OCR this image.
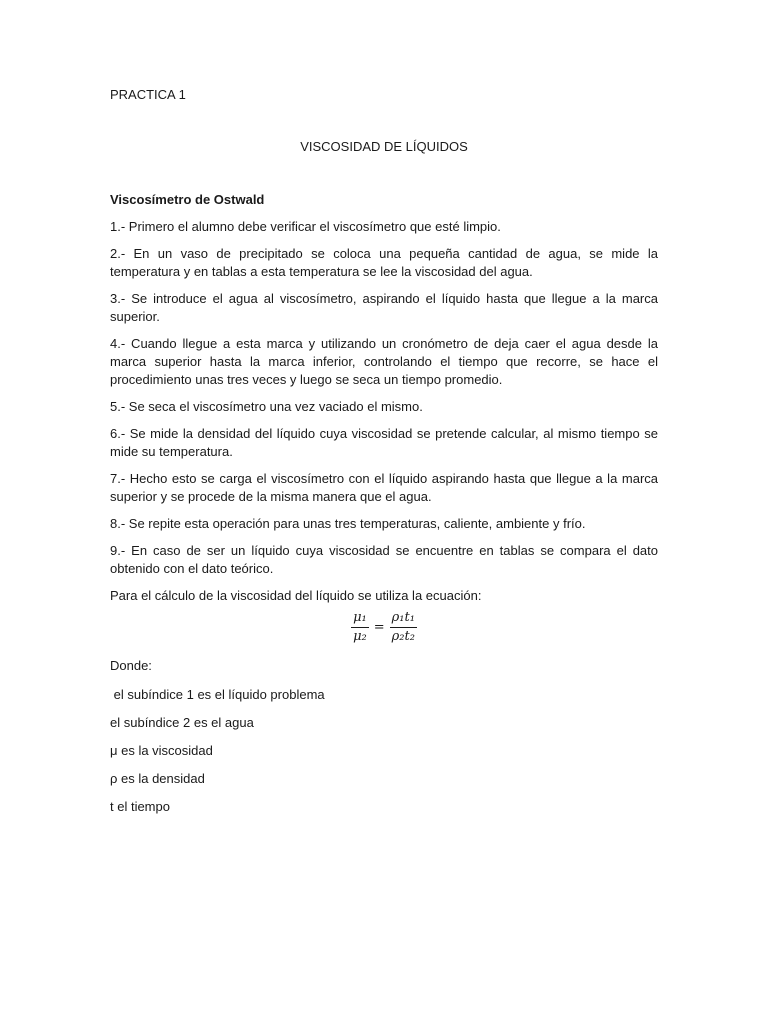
PRACTICA 1

VISCOSIDAD DE LÍQUIDOS

Viscosímetro de Ostwald

1.- Primero el alumno debe verificar el viscosímetro que esté limpio.
2.- En un vaso de precipitado se coloca una pequeña cantidad de agua, se mide la temperatura y en tablas a esta temperatura se lee la viscosidad del agua.
3.- Se introduce el agua al viscosímetro, aspirando el líquido hasta que llegue a la marca superior.
4.- Cuando llegue a esta marca y utilizando un cronómetro de deja caer el agua desde la marca superior hasta la marca inferior, controlando el tiempo que recorre, se hace el procedimiento unas tres veces y luego se seca un tiempo promedio.
5.- Se seca el viscosímetro una vez vaciado el mismo.
6.- Se mide la densidad del líquido cuya viscosidad se pretende calcular, al mismo tiempo se mide su temperatura.
7.- Hecho esto se carga el viscosímetro con el líquido aspirando hasta que llegue a la marca superior y se procede de la misma manera que el agua.
8.- Se repite esta operación para unas tres temperaturas, caliente, ambiente y frío.
9.- En caso de ser un líquido cuya viscosidad se encuentre en tablas se compara el dato obtenido con el dato teórico.

Para el cálculo de la viscosidad del líquido se utiliza la ecuación:

$\frac{\text{μ₁}}{\text{μ₂}} = \frac{\text{ρ₁t₁}}{\text{ρ₂t₂}}$

Donde:

el subíndice 1 es el líquido problema
el subíndice 2 es el agua
μ es la viscosidad
ρ es la densidad
t el tiempo
